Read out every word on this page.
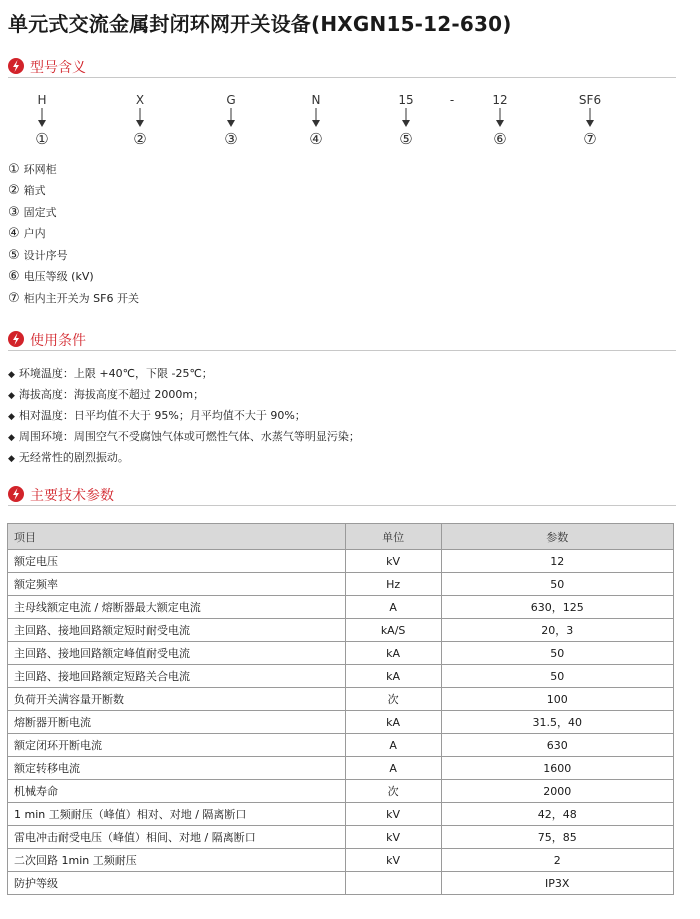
单元式交流金属封闭环网开关设备(HXGN15-12-630)
型号含义
H	X	G	N	15	-	12	SF6
①	②	③	④	⑤	⑥	⑦
① 环网柜
② 箱式
③ 固定式
④ 户内
⑤ 设计序号
⑥ 电压等级 (kV)
⑦ 柜内主开关为 SF6 开关
使用条件
◆ 环境温度：上限 +40℃，下限 -25℃；
◆ 海拔高度：海拔高度不超过 2000m；
◆ 相对温度：日平均值不大于 95%；月平均值不大于 90%；
◆ 周围环境：周围空气不受腐蚀气体或可燃性气体、水蒸气等明显污染；
◆ 无经常性的剧烈振动。
主要技术参数
项目	单位	参数
额定电压	kV	12
额定频率	Hz	50
主母线额定电流 / 熔断器最大额定电流	A	630，125
主回路、接地回路额定短时耐受电流	kA/S	20，3
主回路、接地回路额定峰值耐受电流	kA	50
主回路、接地回路额定短路关合电流	kA	50
负荷开关满容量开断数	次	100
熔断器开断电流	kA	31.5，40
额定闭环开断电流	A	630
额定转移电流	A	1600
机械寿命	次	2000
1 min 工频耐压（峰值）相对、对地 / 隔离断口	kV	42，48
雷电冲击耐受电压（峰值）相间、对地 / 隔离断口	kV	75，85
二次回路 1min 工频耐压	kV	2
防护等级		IP3X
